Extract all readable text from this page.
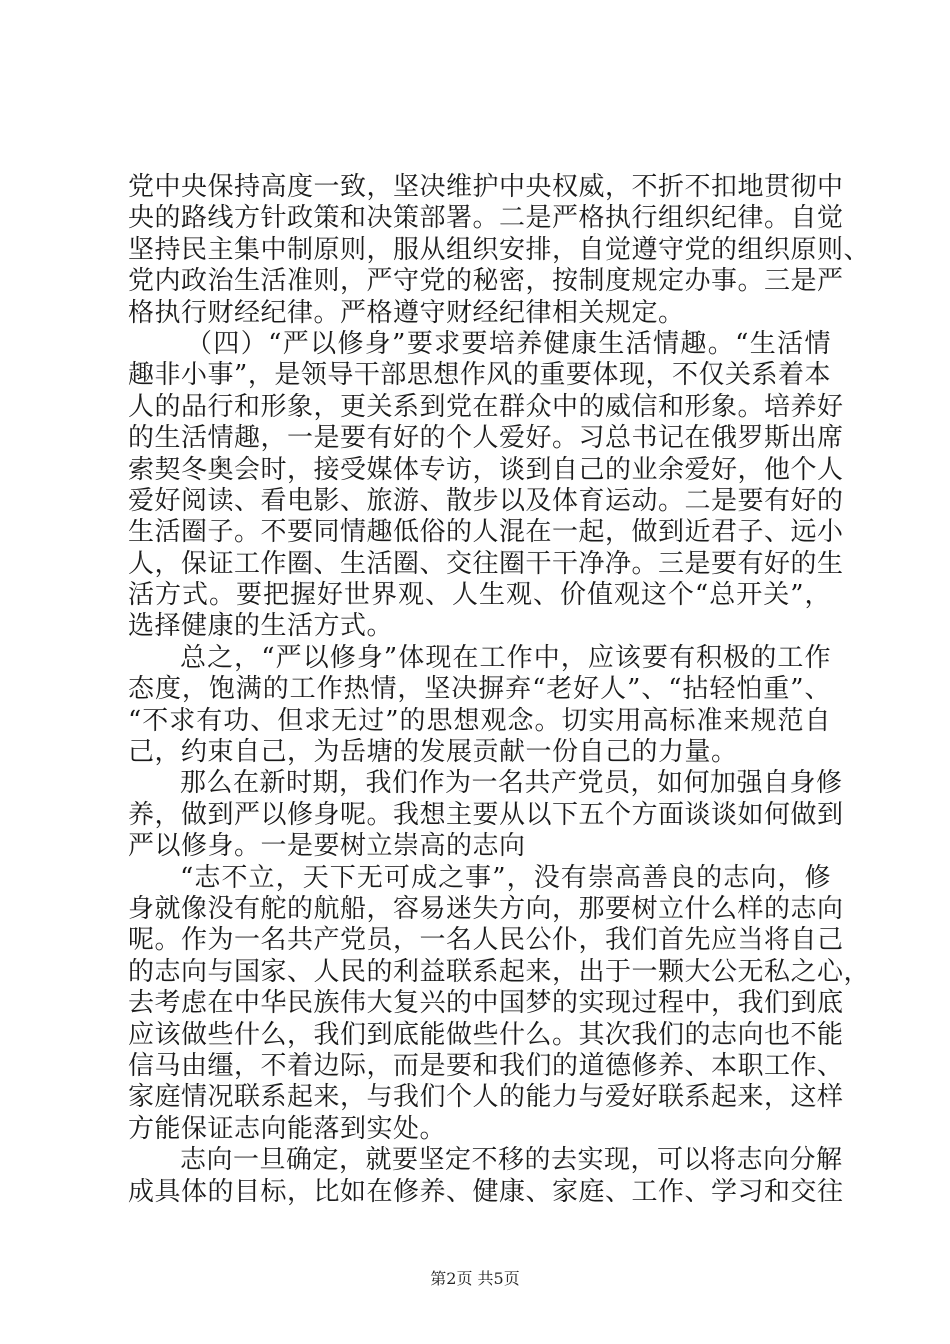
党中央保持高度一致，坚决维护中央权威，不折不扣地贯彻中
央的路线方针政策和决策部署。二是严格执行组织纪律。自觉
坚持民主集中制原则，服从组织安排，自觉遵守党的组织原则、
党内政治生活准则，严守党的秘密，按制度规定办事。三是严
格执行财经纪律。严格遵守财经纪律相关规定。
（四）“严以修身”要求要培养健康生活情趣。“生活情
趣非小事”，是领导干部思想作风的重要体现，不仅关系着本
人的品行和形象，更关系到党在群众中的威信和形象。培养好
的生活情趣，一是要有好的个人爱好。习总书记在俄罗斯出席
索契冬奥会时，接受媒体专访，谈到自己的业余爱好，他个人
爱好阅读、看电影、旅游、散步以及体育运动。二是要有好的
生活圈子。不要同情趣低俗的人混在一起，做到近君子、远小
人，保证工作圈、生活圈、交往圈干干净净。三是要有好的生
活方式。要把握好世界观、人生观、价值观这个“总开关”，
选择健康的生活方式。
总之，“严以修身”体现在工作中，应该要有积极的工作
态度，饱满的工作热情，坚决摒弃“老好人”、“拈轻怕重”、
“不求有功、但求无过”的思想观念。切实用高标准来规范自
己，约束自己，为岳塘的发展贡献一份自己的力量。
那么在新时期，我们作为一名共产党员，如何加强自身修
养，做到严以修身呢。我想主要从以下五个方面谈谈如何做到
严以修身。一是要树立崇高的志向
“志不立，天下无可成之事”，没有崇高善良的志向，修
身就像没有舵的航船，容易迷失方向，那要树立什么样的志向
呢。作为一名共产党员，一名人民公仆，我们首先应当将自己
的志向与国家、人民的利益联系起来，出于一颗大公无私之心，
去考虑在中华民族伟大复兴的中国梦的实现过程中，我们到底
应该做些什么，我们到底能做些什么。其次我们的志向也不能
信马由缰，不着边际，而是要和我们的道德修养、本职工作、
家庭情况联系起来，与我们个人的能力与爱好联系起来，这样
方能保证志向能落到实处。
志向一旦确定，就要坚定不移的去实现，可以将志向分解
成具体的目标，比如在修养、健康、家庭、工作、学习和交往
第2页 共5页
